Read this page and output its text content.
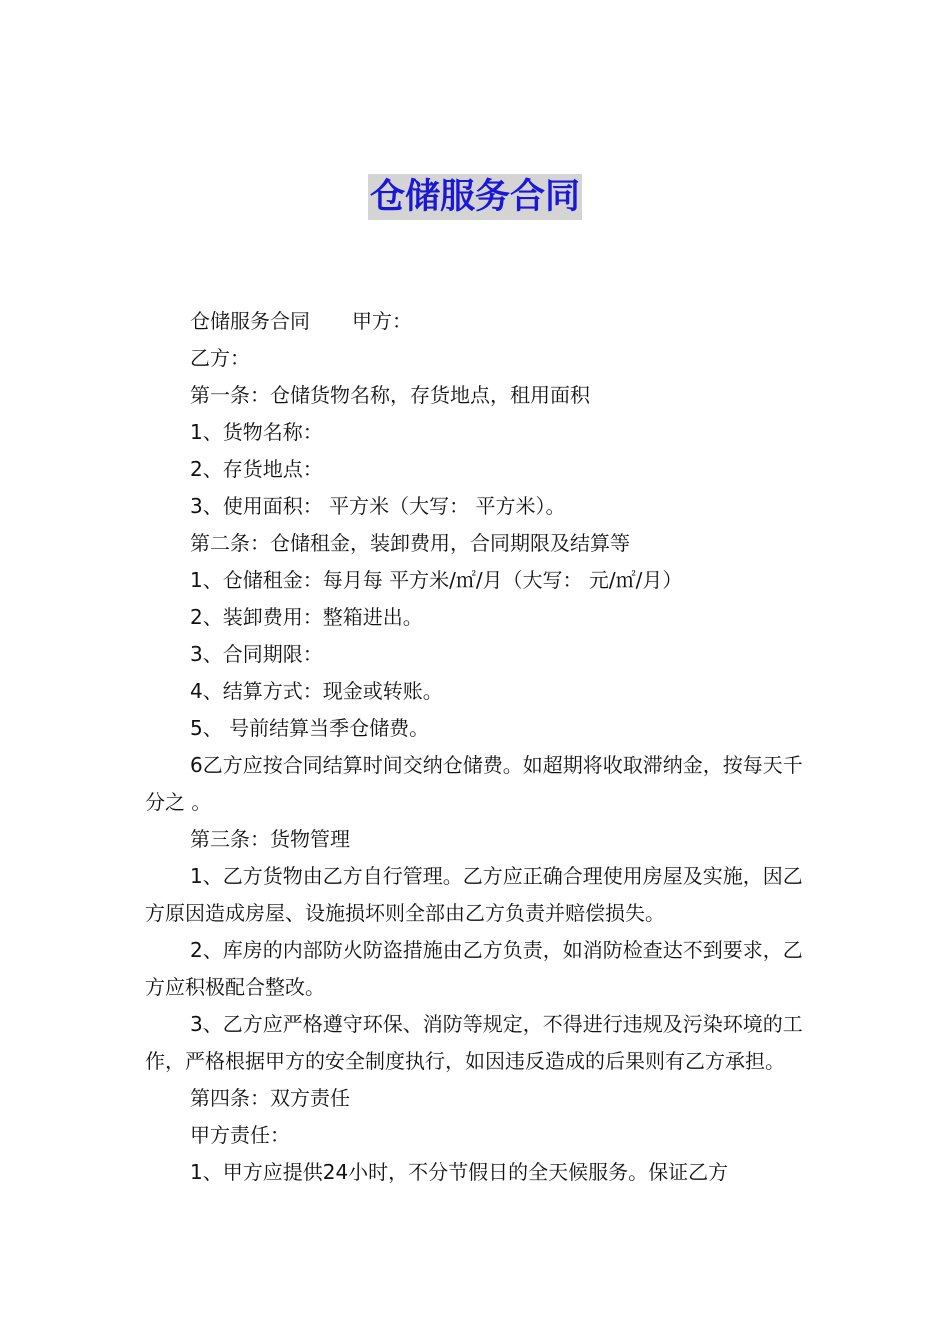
仓储服务合同

仓储服务合同 甲方：

乙方：

第一条：仓储货物名称，存货地点，租用面积

1、货物名称：

2、存货地点：

3、使用面积： 平方米（大写： 平方米）。

第二条：仓储租金，装卸费用，合同期限及结算等

1、仓储租金：每月每 平方米/㎡/月（大写： 元/㎡/月）

2、装卸费用：整箱进出。

3、合同期限：

4、结算方式：现金或转账。

5、 号前结算当季仓储费。

6乙方应按合同结算时间交纳仓储费。如超期将收取滞纳金，按每天千分之 。

第三条：货物管理

1、乙方货物由乙方自行管理。乙方应正确合理使用房屋及实施，因乙方原因造成房屋、设施损坏则全部由乙方负责并赔偿损失。

2、库房的内部防火防盗措施由乙方负责，如消防检查达不到要求，乙方应积极配合整改。

3、乙方应严格遵守环保、消防等规定，不得进行违规及污染环境的工作，严格根据甲方的安全制度执行，如因违反造成的后果则有乙方承担。

第四条：双方责任

甲方责任：

1、甲方应提供24小时，不分节假日的全天候服务。保证乙方
